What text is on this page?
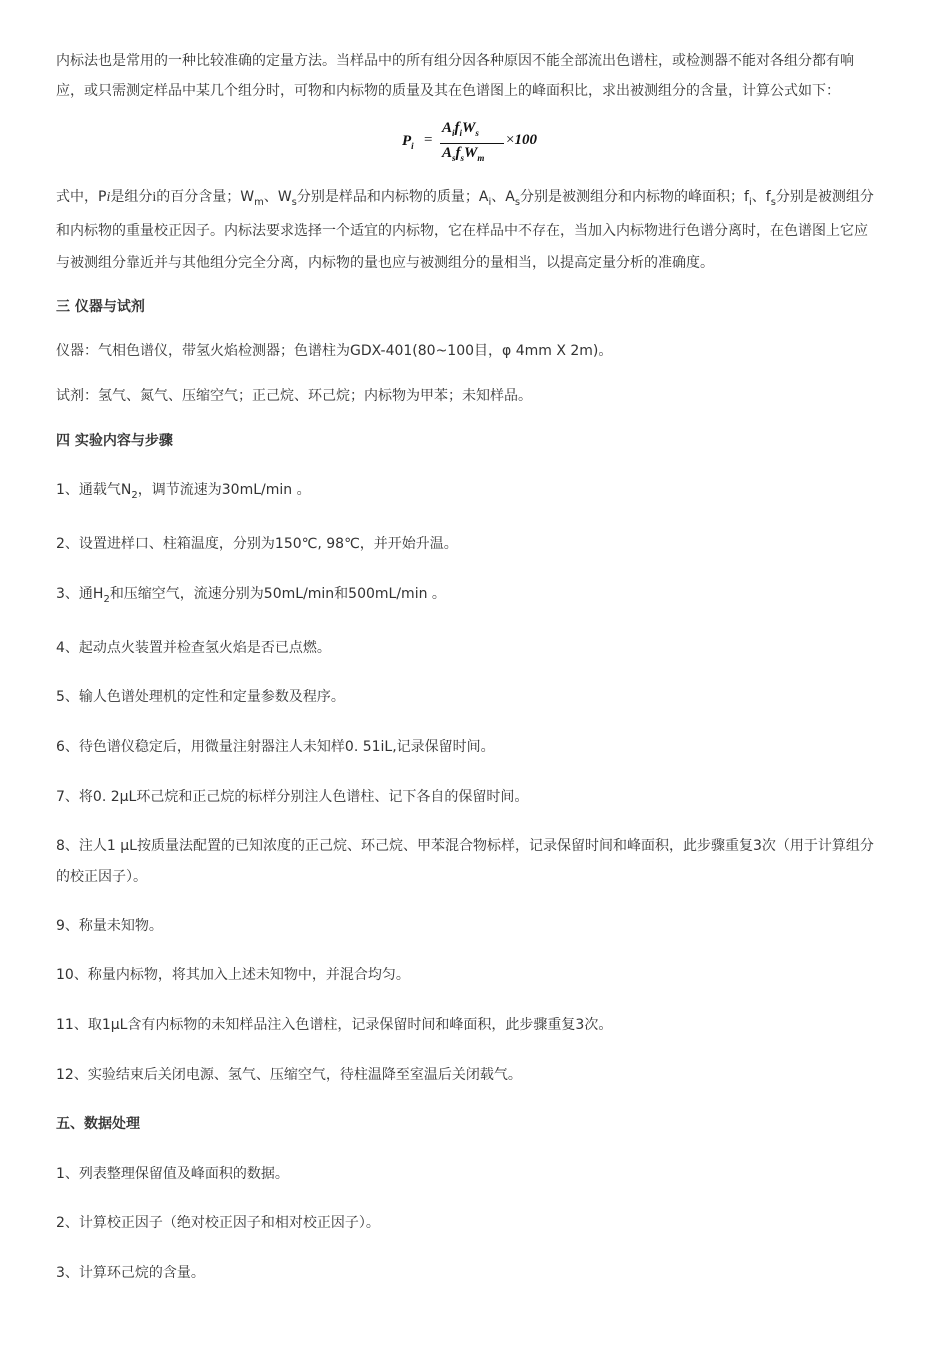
内标法也是常用的一种比较准确的定量方法。当样品中的所有组分因各种原因不能全部流出色谱柱，或检测器不能对各组分都有响

应，或只需测定样品中某几个组分时，可物和内标物的质量及其在色谱图上的峰面积比，求出被测组分的含量，计算公式如下：

$P_i$ =
$A_if_iW_s$
$A_sf_sW_m$
×100

式中，Pi是组分i的百分含量；$W_m$、$W_s$分别是样品和内标物的质量；$A_i$、$A_s$分别是被测组分和内标物的峰面积；$f_i$、$f_s$分别是被测组分

和内标物的重量校正因子。内标法要求选择一个适宜的内标物，它在样品中不存在，当加入内标物进行色谱分离时，在色谱图上它应

与被测组分靠近并与其他组分完全分离，内标物的量也应与被测组分的量相当，以提高定量分析的准确度。

三 仪器与试剂

仪器：气相色谱仪，带氢火焰检测器；色谱柱为GDX-401(80~100目，φ 4mm X 2m)。

试剂：氢气、氮气、压缩空气；正己烷、环己烷；内标物为甲苯；未知样品。

四 实验内容与步骤

1、通载气$N_2$，调节流速为30mL/min 。

2、设置进样口、柱箱温度，分别为150℃, 98℃，并开始升温。

3、通$H_2$和压缩空气，流速分别为50mL/min和500mL/min 。

4、起动点火装置并检查氢火焰是否已点燃。

5、输人色谱处理机的定性和定量参数及程序。

6、待色谱仪稳定后，用微量注射器注人未知样0. 51iL,记录保留时间。

7、将0. 2μL环己烷和正己烷的标样分别注人色谱柱、记下各自的保留时间。

8、注人1 μL按质量法配置的已知浓度的正己烷、环己烷、甲苯混合物标样，记录保留时间和峰面积，此步骤重复3次（用于计算组分

的校正因子）。

9、称量未知物。

10、称量内标物，将其加入上述未知物中，并混合均匀。

11、取1μL含有内标物的未知样品注入色谱柱，记录保留时间和峰面积，此步骤重复3次。

12、实验结束后关闭电源、氢气、压缩空气，待柱温降至室温后关闭载气。

五、数据处理

1、列表整理保留值及峰面积的数据。

2、计算校正因子（绝对校正因子和相对校正因子）。

3、计算环己烷的含量。
